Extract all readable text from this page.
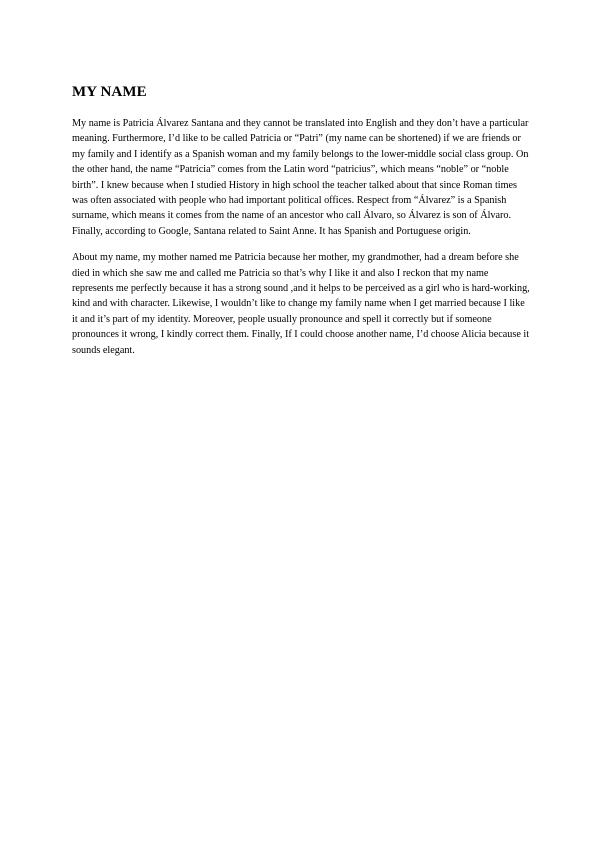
MY NAME

My name is Patricia Álvarez Santana and they cannot be translated into English and they don’t have a particular meaning. Furthermore, I’d like to be called Patricia or “Patri” (my name can be shortened) if we are friends or my family and I identify as a Spanish woman and my family belongs to the lower-middle social class group. On the other hand, the name “Patricia” comes from the Latin word “patricius”, which means “noble” or “noble birth”. I knew because when I studied History in high school the teacher talked about that since Roman times was often associated with people who had important political offices. Respect from “Álvarez” is a Spanish surname, which means it comes from the name of an ancestor who call Álvaro, so Álvarez is son of Álvaro. Finally, according to Google, Santana related to Saint Anne. It has Spanish and Portuguese origin.

About my name, my mother named me Patricia because her mother, my grandmother, had a dream before she died in which she saw me and called me Patricia so that’s why I like it and also I reckon that my name represents me perfectly because it has a strong sound ,and it helps to be perceived as a girl who is hard-working, kind and with character. Likewise, I wouldn’t like to change my family name when I get married because I like it and it’s part of my identity. Moreover, people usually pronounce and spell it correctly but if someone pronounces it wrong, I kindly correct them. Finally, If I could choose another name, I’d choose Alicia because it sounds elegant.
